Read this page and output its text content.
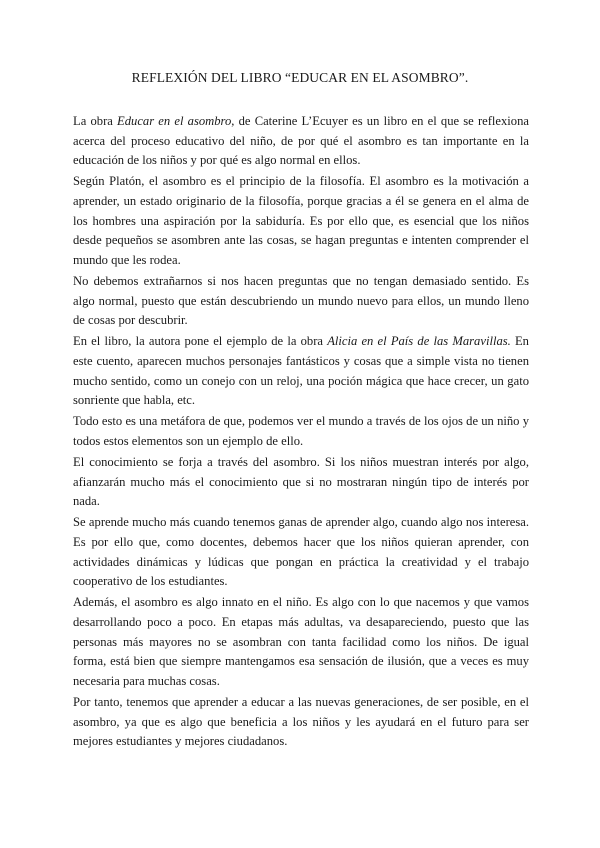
REFLEXIÓN DEL LIBRO “EDUCAR EN EL ASOMBRO”.

La obra Educar en el asombro, de Caterine L’Ecuyer es un libro en el que se reflexiona acerca del proceso educativo del niño, de por qué el asombro es tan importante en la educación de los niños y por qué es algo normal en ellos.

Según Platón, el asombro es el principio de la filosofía. El asombro es la motivación a aprender, un estado originario de la filosofía, porque gracias a él se genera en el alma de los hombres una aspiración por la sabiduría. Es por ello que, es esencial que los niños desde pequeños se asombren ante las cosas, se hagan preguntas e intenten comprender el mundo que les rodea.

No debemos extrañarnos si nos hacen preguntas que no tengan demasiado sentido. Es algo normal, puesto que están descubriendo un mundo nuevo para ellos, un mundo lleno de cosas por descubrir.

En el libro, la autora pone el ejemplo de la obra Alicia en el País de las Maravillas. En este cuento, aparecen muchos personajes fantásticos y cosas que a simple vista no tienen mucho sentido, como un conejo con un reloj, una poción mágica que hace crecer, un gato sonriente que habla, etc.

Todo esto es una metáfora de que, podemos ver el mundo a través de los ojos de un niño y todos estos elementos son un ejemplo de ello.

El conocimiento se forja a través del asombro. Si los niños muestran interés por algo, afianzarán mucho más el conocimiento que si no mostraran ningún tipo de interés por nada.

Se aprende mucho más cuando tenemos ganas de aprender algo, cuando algo nos interesa. Es por ello que, como docentes, debemos hacer que los niños quieran aprender, con actividades dinámicas y lúdicas que pongan en práctica la creatividad y el trabajo cooperativo de los estudiantes.

Además, el asombro es algo innato en el niño. Es algo con lo que nacemos y que vamos desarrollando poco a poco. En etapas más adultas, va desapareciendo, puesto que las personas más mayores no se asombran con tanta facilidad como los niños. De igual forma, está bien que siempre mantengamos esa sensación de ilusión, que a veces es muy necesaria para muchas cosas.

Por tanto, tenemos que aprender a educar a las nuevas generaciones, de ser posible, en el asombro, ya que es algo que beneficia a los niños y les ayudará en el futuro para ser mejores estudiantes y mejores ciudadanos.
